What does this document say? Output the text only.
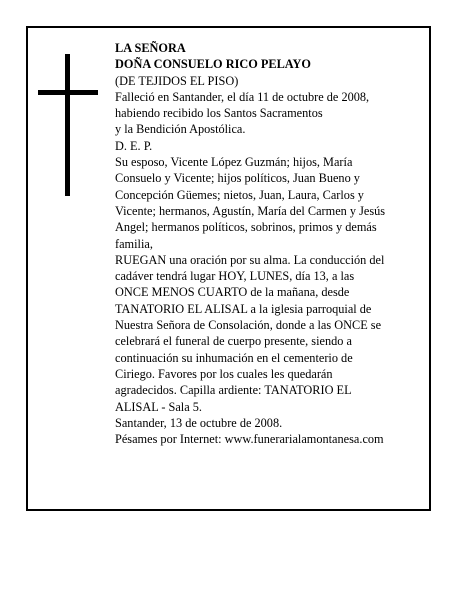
LA SEÑORA
DOÑA CONSUELO RICO PELAYO
(DE TEJIDOS EL PISO)
Falleció en Santander, el día 11 de octubre de 2008,
habiendo recibido los Santos Sacramentos
y la Bendición Apostólica.
D. E. P.
Su esposo, Vicente López Guzmán; hijos, María
Consuelo y Vicente; hijos políticos, Juan Bueno y
Concepción Güemes; nietos, Juan, Laura, Carlos y
Vicente; hermanos, Agustín, María del Carmen y Jesús
Angel; hermanos políticos, sobrinos, primos y demás
familia,
RUEGAN una oración por su alma. La conducción del
cadáver tendrá lugar HOY, LUNES, día 13, a las
ONCE MENOS CUARTO de la mañana, desde
TANATORIO EL ALISAL a la iglesia parroquial de
Nuestra Señora de Consolación, donde a las ONCE se
celebrará el funeral de cuerpo presente, siendo a
continuación su inhumación en el cementerio de
Ciriego. Favores por los cuales les quedarán
agradecidos. Capilla ardiente: TANATORIO EL
ALISAL - Sala 5.
Santander, 13 de octubre de 2008.
Pésames por Internet: www.funerarialamontanesa.com
